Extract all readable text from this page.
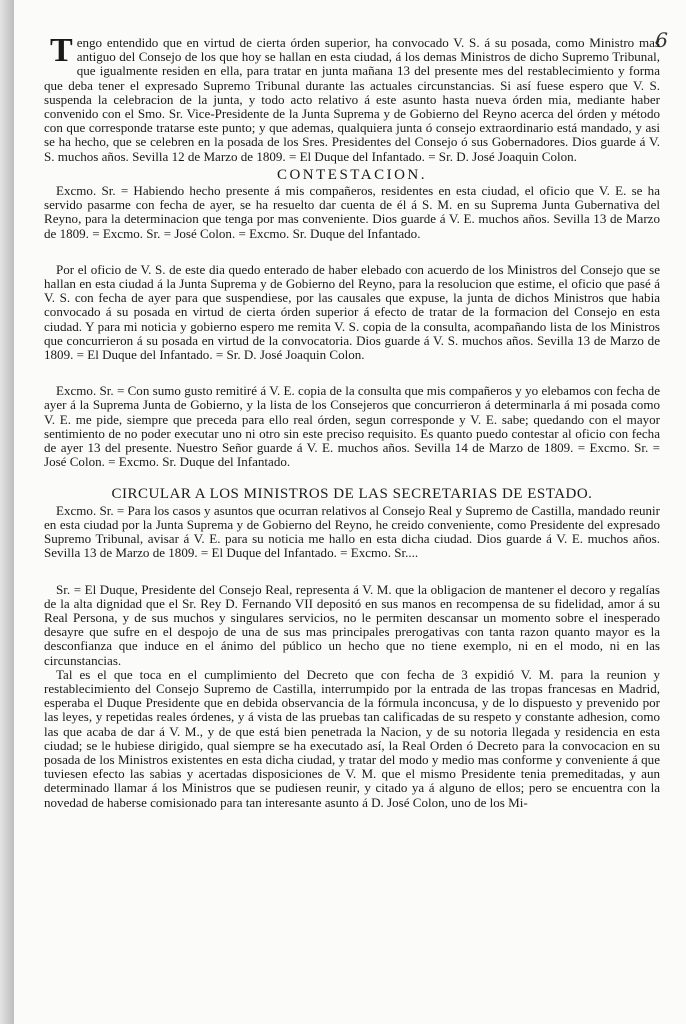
6

Tengo entendido que en virtud de cierta órden superior, ha convocado V. S. á su posada, como Ministro mas antiguo del Consejo de los que hoy se hallan en esta ciudad, á los demas Ministros de dicho Supremo Tribunal, que igualmente residen en ella, para tratar en junta mañana 13 del presente mes del restablecimiento y forma que deba tener el expresado Supremo Tribunal durante las actuales circunstancias. Si así fuese espero que V. S. suspenda la celebracion de la junta, y todo acto relativo á este asunto hasta nueva órden mia, mediante haber convenido con el Smo. Sr. Vice-Presidente de la Junta Suprema y de Gobierno del Reyno acerca del órden y método con que corresponde tratarse este punto; y que ademas, qualquiera junta ó consejo extraordinario está mandado, y asi se ha hecho, que se celebren en la posada de los Sres. Presidentes del Consejo ó sus Gobernadores. Dios guarde á V. S. muchos años. Sevilla 12 de Marzo de 1809. = El Duque del Infantado. = Sr. D. José Joaquin Colon.

CONTESTACION.

Excmo. Sr. = Habiendo hecho presente á mis compañeros, residentes en esta ciudad, el oficio que V. E. se ha servido pasarme con fecha de ayer, se ha resuelto dar cuenta de él á S. M. en su Suprema Junta Gubernativa del Reyno, para la determinacion que tenga por mas conveniente. Dios guarde á V. E. muchos años. Sevilla 13 de Marzo de 1809. = Excmo. Sr. = José Colon. = Excmo. Sr. Duque del Infantado.

Por el oficio de V. S. de este dia quedo enterado de haber elebado con acuerdo de los Ministros del Consejo que se hallan en esta ciudad á la Junta Suprema y de Gobierno del Reyno, para la resolucion que estime, el oficio que pasé á V. S. con fecha de ayer para que suspendiese, por las causales que expuse, la junta de dichos Ministros que habia convocado á su posada en virtud de cierta órden superior á efecto de tratar de la formacion del Consejo en esta ciudad. Y para mi noticia y gobierno espero me remita V. S. copia de la consulta, acompañando lista de los Ministros que concurrieron á su posada en virtud de la convocatoria. Dios guarde á V. S. muchos años. Sevilla 13 de Marzo de 1809. = El Duque del Infantado. = Sr. D. José Joaquin Colon.

Excmo. Sr. = Con sumo gusto remitiré á V. E. copia de la consulta que mis compañeros y yo elebamos con fecha de ayer á la Suprema Junta de Gobierno, y la lista de los Consejeros que concurrieron á determinarla á mi posada como V. E. me pide, siempre que preceda para ello real órden, segun corresponde y V. E. sabe; quedando con el mayor sentimiento de no poder executar uno ni otro sin este preciso requisito. Es quanto puedo contestar al oficio con fecha de ayer 13 del presente. Nuestro Señor guarde á V. E. muchos años. Sevilla 14 de Marzo de 1809. = Excmo. Sr. = José Colon. = Excmo. Sr. Duque del Infantado.

CIRCULAR A LOS MINISTROS DE LAS SECRETARIAS DE ESTADO.

Excmo. Sr. = Para los casos y asuntos que ocurran relativos al Consejo Real y Supremo de Castilla, mandado reunir en esta ciudad por la Junta Suprema y de Gobierno del Reyno, he creido conveniente, como Presidente del expresado Supremo Tribunal, avisar á V. E. para su noticia me hallo en esta dicha ciudad. Dios guarde á V. E. muchos años. Sevilla 13 de Marzo de 1809. = El Duque del Infantado. = Excmo. Sr....

Sr. = El Duque, Presidente del Consejo Real, representa á V. M. que la obligacion de mantener el decoro y regalías de la alta dignidad que el Sr. Rey D. Fernando VII depositó en sus manos en recompensa de su fidelidad, amor á su Real Persona, y de sus muchos y singulares servicios, no le permiten descansar un momento sobre el inesperado desayre que sufre en el despojo de una de sus mas principales prerogativas con tanta razon quanto mayor es la desconfianza que induce en el ánimo del público un hecho que no tiene exemplo, ni en el modo, ni en las circunstancias.

Tal es el que toca en el cumplimiento del Decreto que con fecha de 3 expidió V. M. para la reunion y restablecimiento del Consejo Supremo de Castilla, interrumpido por la entrada de las tropas francesas en Madrid, esperaba el Duque Presidente que en debida observancia de la fórmula inconcusa, y de lo dispuesto y prevenido por las leyes, y repetidas reales órdenes, y á vista de las pruebas tan calificadas de su respeto y constante adhesion, como las que acaba de dar á V. M., y de que está bien penetrada la Nacion, y de su notoria llegada y residencia en esta ciudad; se le hubiese dirigido, qual siempre se ha executado así, la Real Orden ó Decreto para la convocacion en su posada de los Ministros existentes en esta dicha ciudad, y tratar del modo y medio mas conforme y conveniente á que tuviesen efecto las sabias y acertadas disposiciones de V. M. que el mismo Presidente tenia premeditadas, y aun determinado llamar á los Ministros que se pudiesen reunir, y citado ya á alguno de ellos; pero se encuentra con la novedad de haberse comisionado para tan interesante asunto á D. José Colon, uno de los Mi-
